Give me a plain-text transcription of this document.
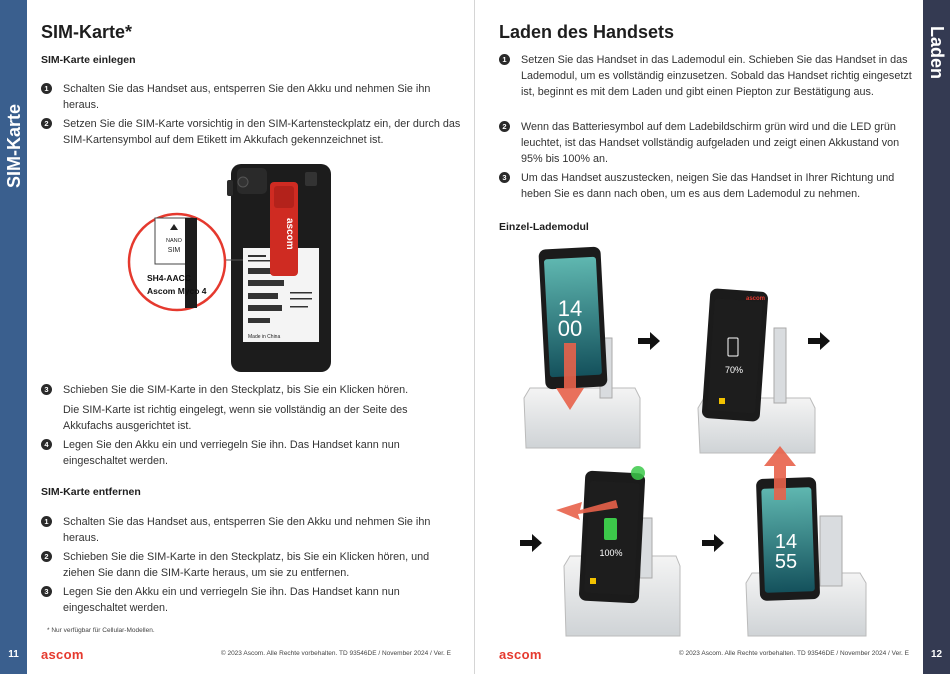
SIM-Karte
11
Laden
12
SIM-Karte*
SIM-Karte einlegen
1	Schalten Sie das Handset aus, entsperren Sie den Akku und nehmen Sie ihn heraus.
2	Setzen Sie die SIM-Karte vorsichtig in den SIM-Kartensteckplatz ein, der durch das SIM-Kartensymbol auf dem Etikett im Akkufach gekennzeichnet ist.
Made in China
ascom
NANO
SIM
SH4-AACC
Ascom Myco 4
3	Schieben Sie die SIM-Karte in den Steckplatz, bis Sie ein Klicken hören.
Die SIM-Karte ist richtig eingelegt, wenn sie vollständig an der Seite des Akkufachs ausgerichtet ist.
4	Legen Sie den Akku ein und verriegeln Sie ihn. Das Handset kann nun eingeschaltet werden.
SIM-Karte entfernen
1	Schalten Sie das Handset aus, entsperren Sie den Akku und nehmen Sie ihn heraus.
2	Schieben Sie die SIM-Karte in den Steckplatz, bis Sie ein Klicken hören, und ziehen Sie dann die SIM-Karte heraus, um sie zu entfernen.
3	Legen Sie den Akku ein und verriegeln Sie ihn. Das Handset kann nun eingeschaltet werden.
* Nur verfügbar für Cellular-Modellen.
ascom	© 2023 Ascom. Alle Rechte vorbehalten. TD 93546DE / November 2024 / Ver. E
Laden des Handsets
1	Setzen Sie das Handset in das Lademodul ein. Schieben Sie das Handset in das Lademodul, um es vollständig einzusetzen. Sobald das Handset richtig eingesetzt ist, beginnt es mit dem Laden und gibt einen Piepton zur Bestätigung aus.
2	Wenn das Batteriesymbol auf dem Ladebildschirm grün wird und die LED grün leuchtet, ist das Handset vollständig aufgeladen und zeigt einen Akkustand von 95% bis 100% an.
3	Um das Handset auszustecken, neigen Sie das Handset in Ihrer Richtung und heben Sie es dann nach oben, um es aus dem Lademodul zu nehmen.
Einzel-Lademodul
14
00
ascom
70%
100%	14
55
ascom	© 2023 Ascom. Alle Rechte vorbehalten. TD 93546DE / November 2024 / Ver. E
